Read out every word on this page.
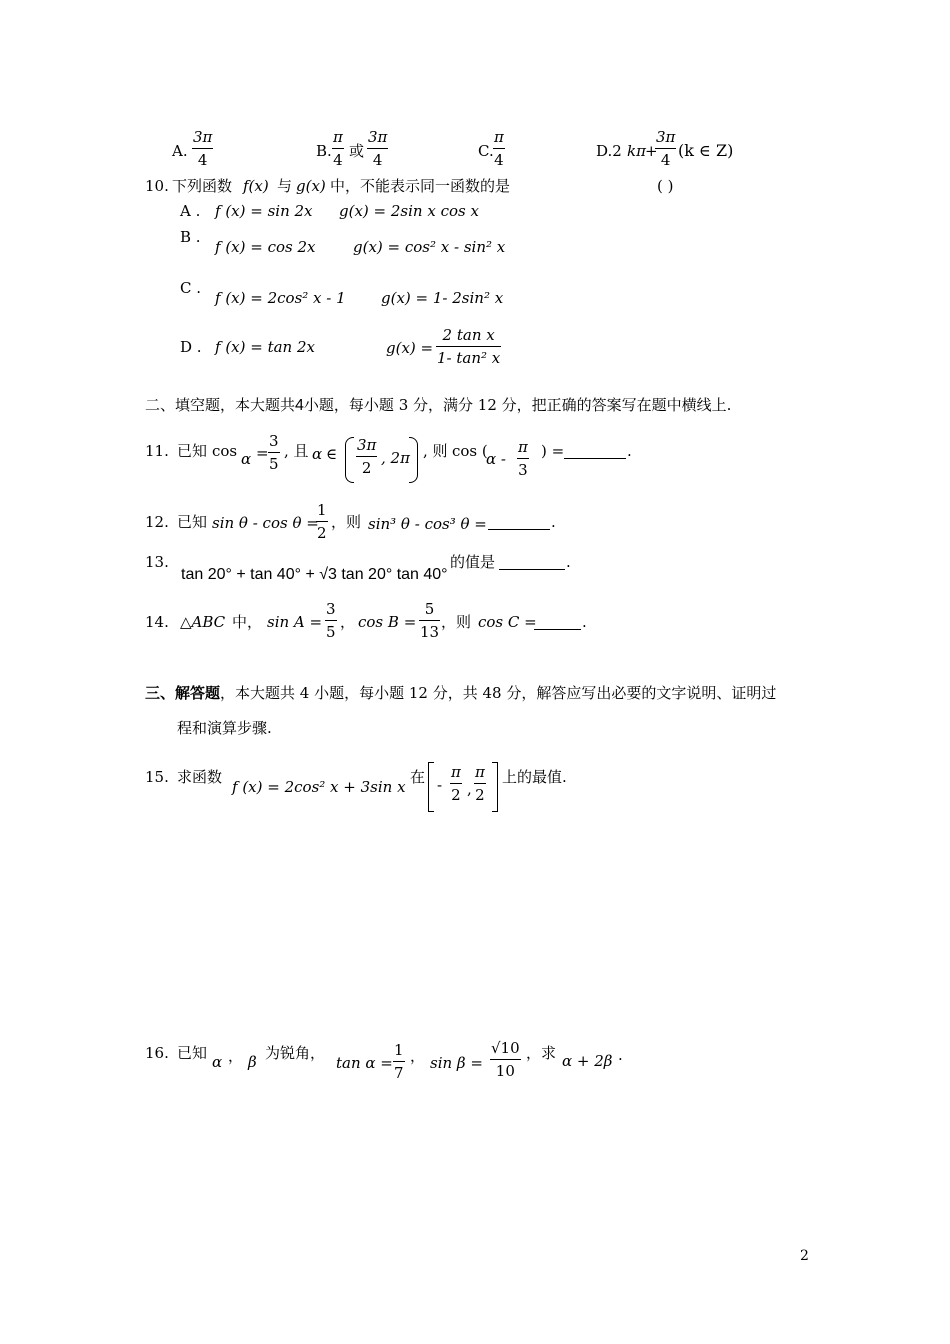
A. $\frac{3\pi}{4}$	B. $\frac{\pi}{4}$ 或 $\frac{3\pi}{4}$	C. $\frac{\pi}{4}$	D.2 kπ +
$\frac{3\pi}{4} (k$ ∈ Z)
10. 下列函数 f(x) 与 g(x) 中，不能表示同一函数的是	( )
A . f (x) = sin 2x g(x) = 2sin x cos x
B .
f (x) = cos 2x	g(x) = cos² x - sin² x
C .
f (x) = 2cos² x - 1 g(x) = 1- 2sin² x
D . f (x) = tan 2x	$g(x) = \frac{\text{2 tan x}}{\text{1- tan² x}}$
二、填空题，本大题共4小题，每小题 3 分，满分 12 分，把正确的答案写在题中横线上.
11. 已知 $\cos \alpha = \frac{3}{5}$ , 且 α ∈ $\frac{3\pi}{2}$ , 2π , 则 cos (
α - $\frac{\pi}{3}$ ) =	.
12. 已知 sin θ - cos θ =
$\frac{1}{2}$ ，则 sin³ θ - cos³ θ =	.
13.
tan 20° + tan 40° + √3 tan 20° tan 40°
的值是	.
14. △ABC 中， $\sin A = \frac{3}{5}$ ， $\cos B = \frac{5}{13}$ ，则 cos C =	.
三、解答题，本大题共 4 小题，每小题 12 分，共 48 分，解答应写出必要的文字说明、证明过
程和演算步骤.
15. 求函数
f (x) = 2cos² x + 3sin x
在 - $\frac{\pi}{2}$ , $\frac{\pi}{2}$ 上的最值.
16. 已知 α ， β 为锐角，
$\tan \alpha = \frac{1}{7}$ ， $\sin \beta = \frac{√10}{10}$ ，求 α + 2β ·
2
